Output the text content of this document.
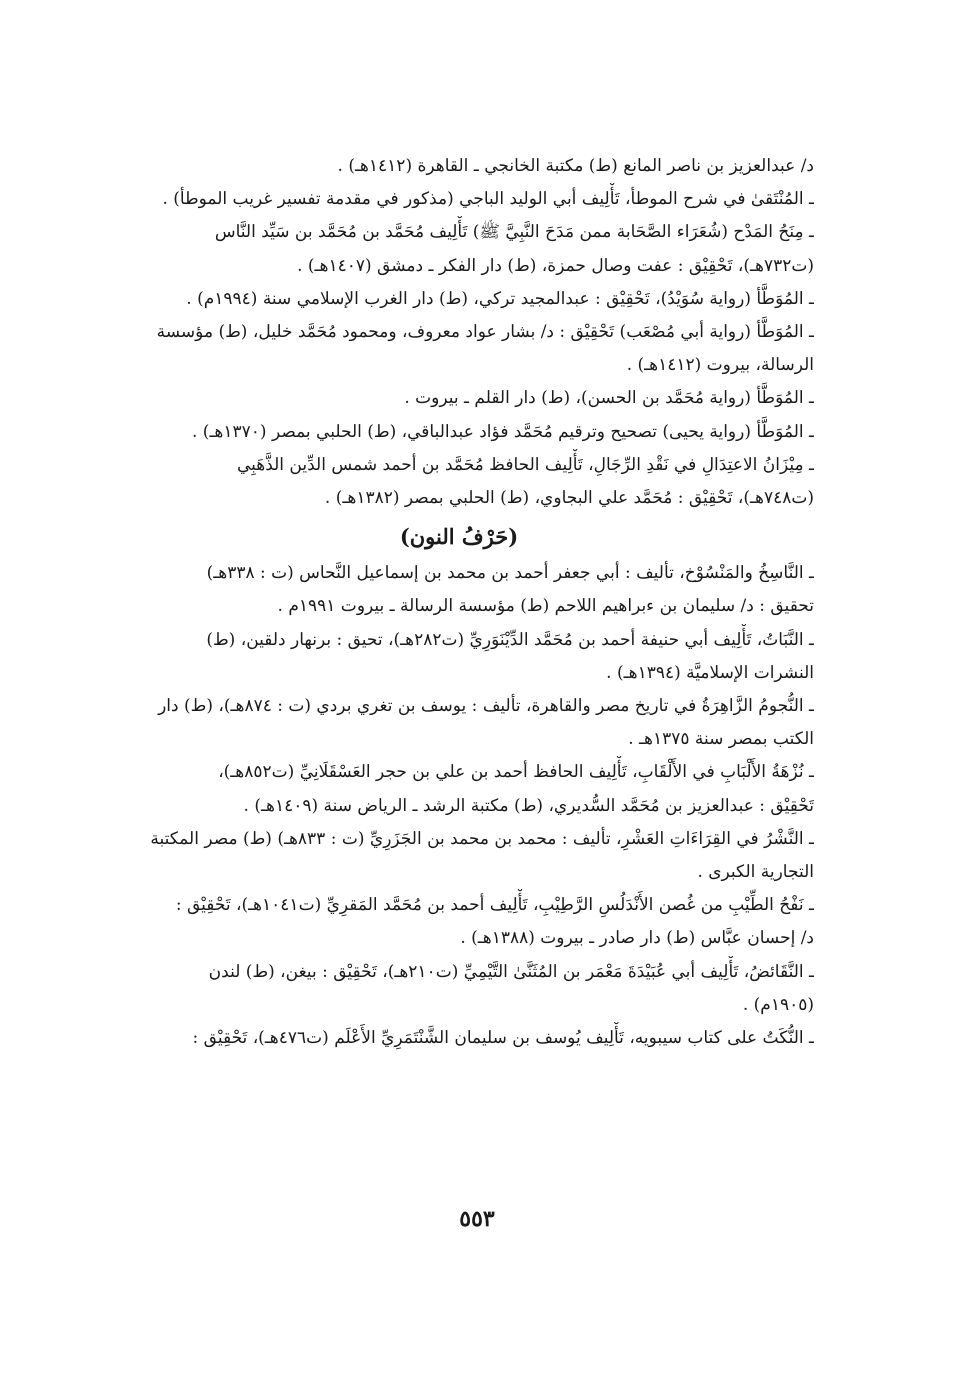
د/ عبدالعزيز بن ناصر المانع (ط) مكتبة الخانجي ـ القاهرة (١٤١٢هـ) .
ـ المُنْتَقىٰ في شرح الموطأ، تَأْلِيف أبي الوليد الباجي (مذكور في مقدمة تفسير غريب الموطأ) .
ـ مِنَحُ المَدْح (شُعَرَاء الصَّحَابة ممن مَدَحَ النَّبِيَّ ﷺ) تَأْلِيف مُحَمَّد بن مُحَمَّد بن سَيِّد النَّاس
(ت٧٣٢هـ)، تَحْقِيْق : عفت وصال حمزة، (ط) دار الفكر ـ دمشق (١٤٠٧هـ) .
ـ المُوَطَّأ (رواية سُوَيْدُ)، تَحْقِيْق : عبدالمجيد تركي، (ط) دار الغرب الإسلامي سنة (١٩٩٤م) .
ـ المُوَطَّأ (رواية أبي مُصْعَب) تَحْقِيْق : د/ بشار عواد معروف، ومحمود مُحَمَّد خليل، (ط) مؤسسة
الرسالة، بيروت (١٤١٢هـ) .
ـ المُوَطَّأ (رواية مُحَمَّد بن الحسن)، (ط) دار القلم ـ بيروت .
ـ المُوَطَّأ (رواية يحيى) تصحيح وترقيم مُحَمَّد فؤاد عبدالباقي، (ط) الحلبي بمصر (١٣٧٠هـ) .
ـ مِيْزَانُ الاعتِدَالِ في نَقْدِ الرِّجَالِ، تَأْلِيف الحافظ مُحَمَّد بن أحمد شمس الدِّين الذَّهَبِي
(ت٧٤٨هـ)، تَحْقِيْق : مُحَمَّد علي البجاوي، (ط) الحلبي بمصر (١٣٨٢هـ) .
(حَرْفُ النون)
ـ النَّاسِخُ والمَنْسُوْخ، تأليف : أبي جعفر أحمد بن محمد بن إسماعيل النَّحاس (ت : ٣٣٨هـ)
تحقيق : د/ سليمان بن ءبراهيم اللاحم (ط) مؤسسة الرسالة ـ بيروت ١٩٩١م .
ـ النَّبَاتُ، تَأْلِيف أبي حنيفة أحمد بن مُحَمَّد الدِّيْنَوَرِيِّ (ت٢٨٢هـ)، تحيق : برنهار دلقين، (ط)
النشرات الإسلاميَّة (١٣٩٤هـ) .
ـ النُّجومُ الزَّاهِرَةُ في تاريخ مصر والقاهرة، تأليف : يوسف بن تغري بردي (ت : ٨٧٤هـ)، (ط) دار
الكتب بمصر سنة ١٣٧٥هـ .
ـ نُزْهَةُ الأَلْبَابِ في الأَلْقَابِ، تَأْلِيف الحافظ أحمد بن علي بن حجر العَسْقَلَانِيِّ (ت٨٥٢هـ)،
تَحْقِيْق : عبدالعزيز بن مُحَمَّد السُّديري، (ط) مكتبة الرشد ـ الرياض سنة (١٤٠٩هـ) .
ـ النَّشْرُ في القِرَاءَاتِ العَشْرِ، تأليف : محمد بن محمد بن الجَزَرِيِّ (ت : ٨٣٣هـ) (ط) مصر المكتبة
التجارية الكبرى .
ـ نَفْحُ الطِّيْبِ من غُصن الأَنْدَلُسِ الرَّطِيْبِ، تَأْلِيف أحمد بن مُحَمَّد المَقرِيِّ (ت١٠٤١هـ)، تَحْقِيْق :
د/ إحسان عبَّاس (ط) دار صادر ـ بيروت (١٣٨٨هـ) .
ـ النَّقَائضُ، تَأْلِيف أبي عُبَيْدَةَ مَعْمَر بن المُثَنَّىٰ التَّيْمِيِّ (ت٢١٠هـ)، تَحْقِيْق : بيغن، (ط) لندن
(١٩٠٥م) .
ـ النُّكَتُ على كتاب سيبويه، تَأْلِيف يُوسف بن سليمان الشَّنْتَمَرِيِّ الأَعْلَم (ت٤٧٦هـ)، تَحْقِيْق :
٥٥٣
